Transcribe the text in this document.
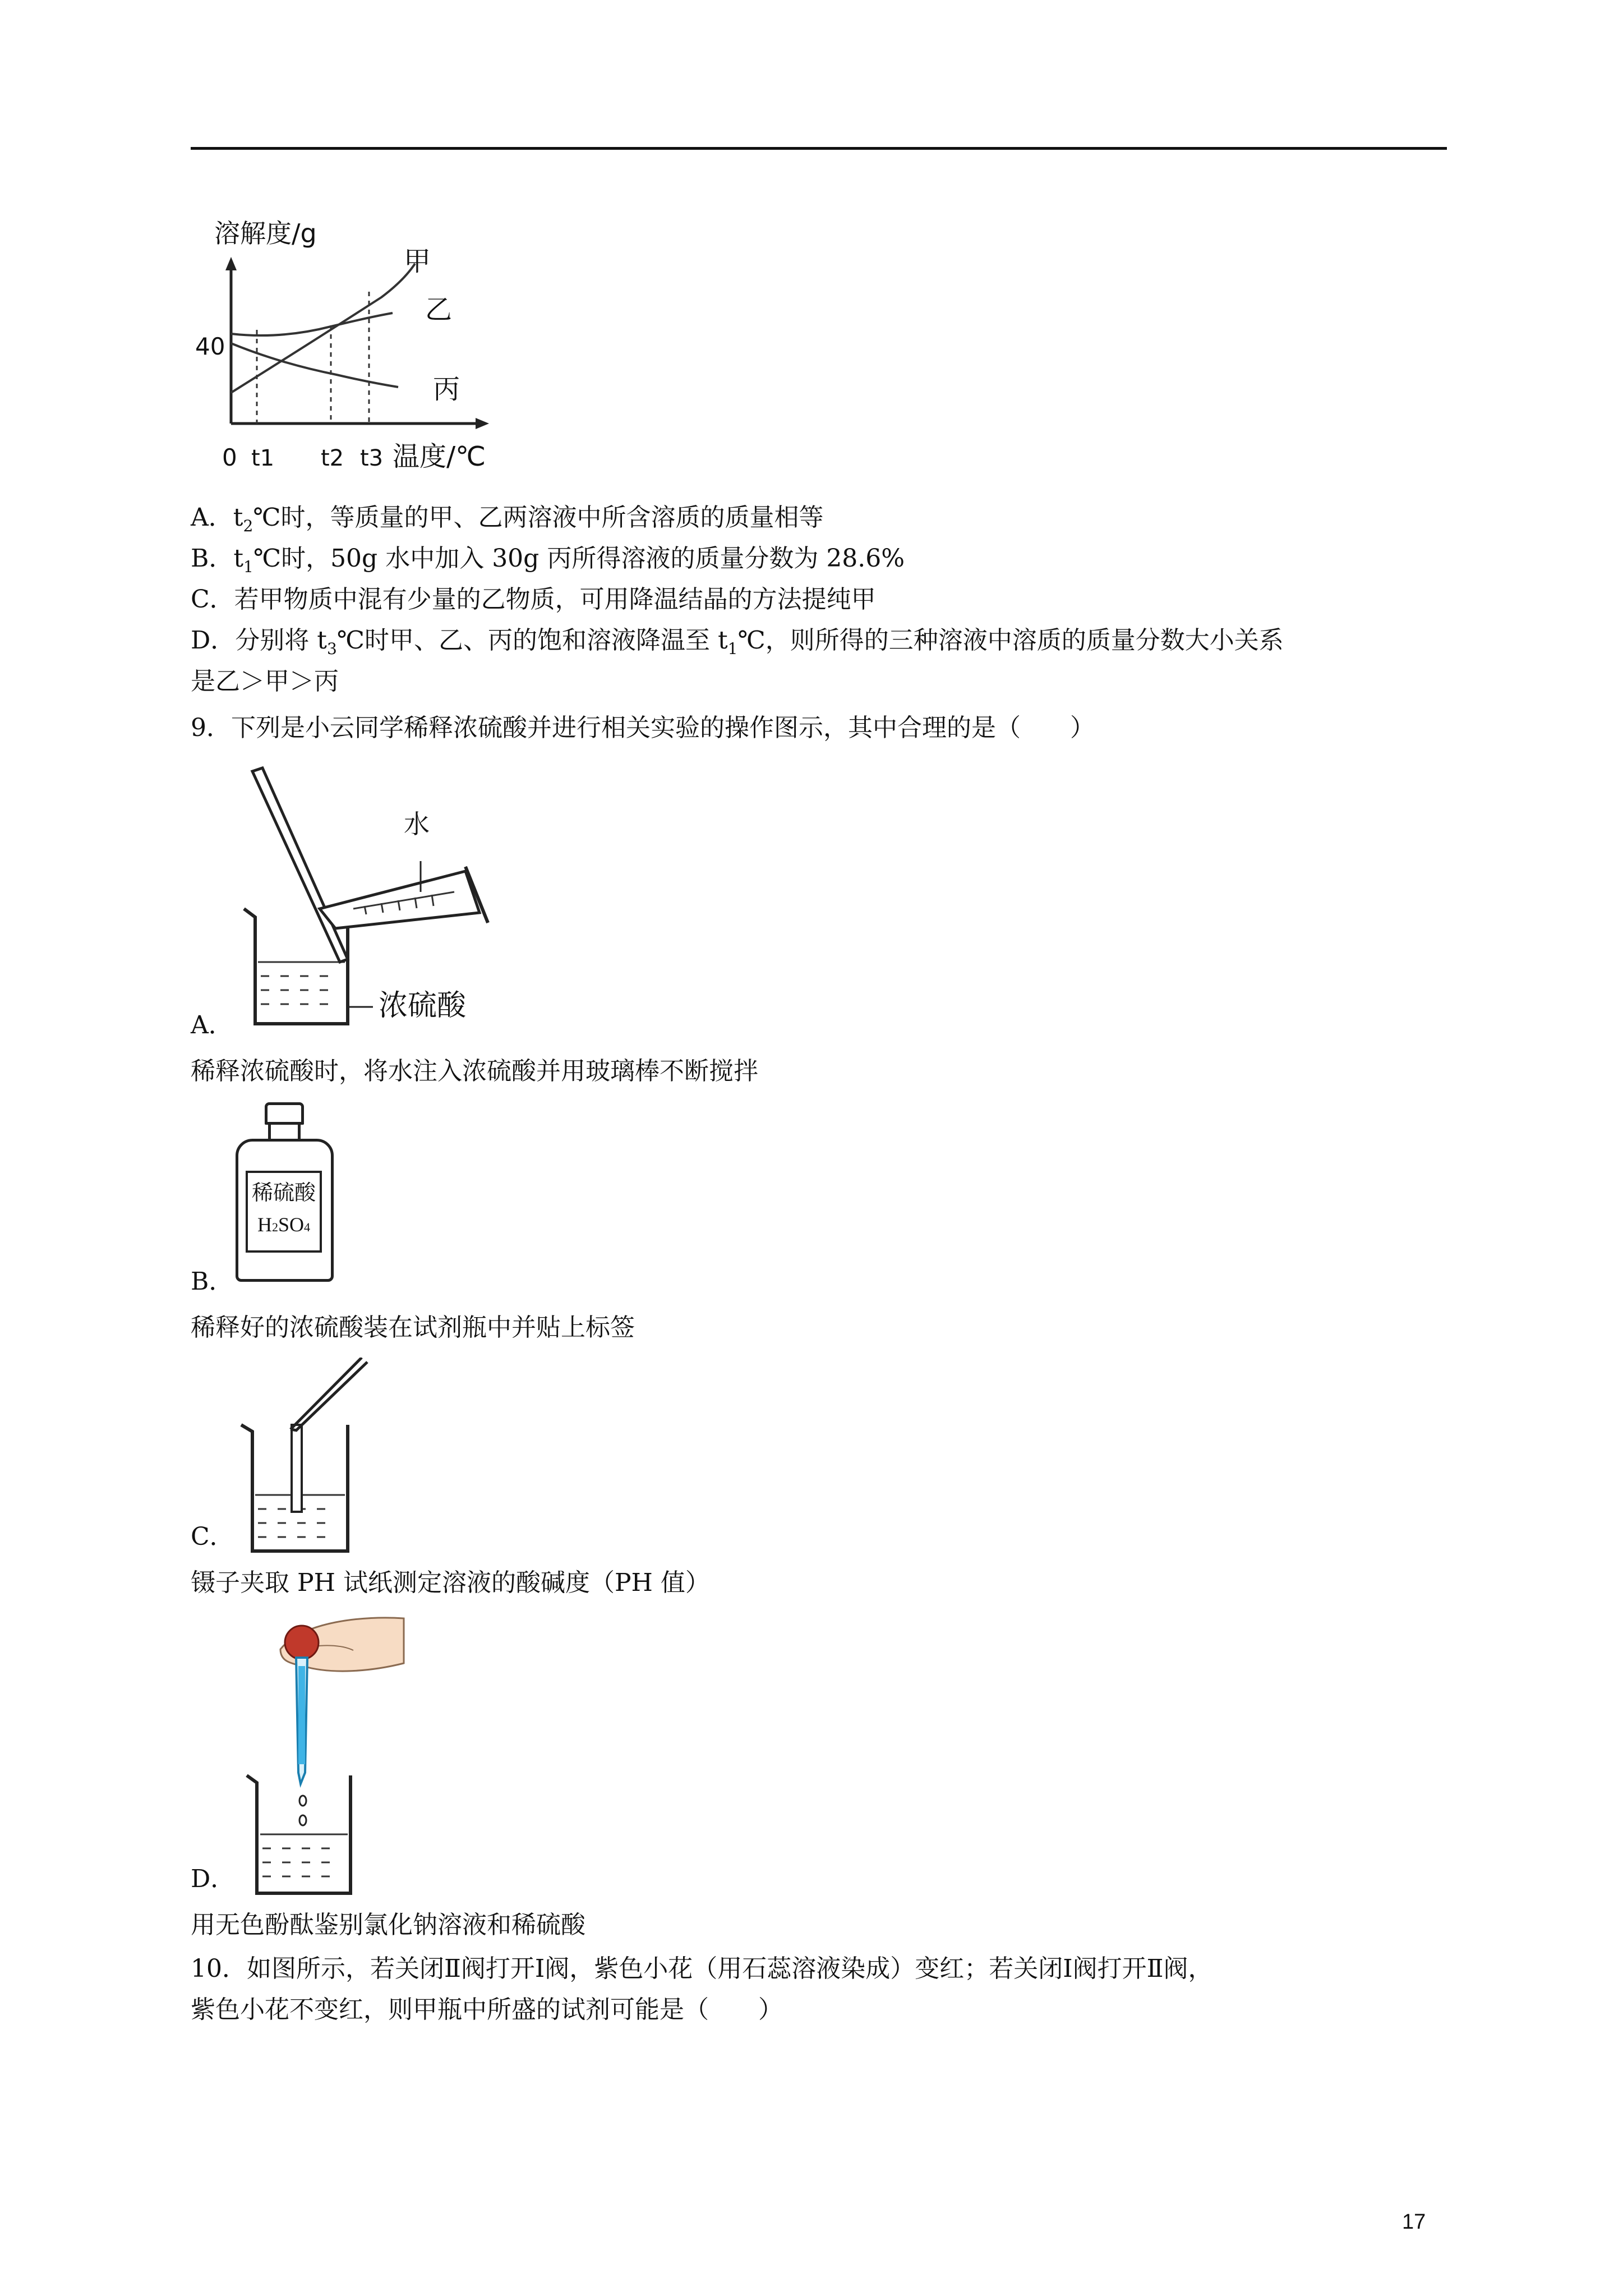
溶解度/g
40
0 t1 t2 t3 温度/℃
甲
乙
丙
A．$t_2℃$时，等质量的甲、乙两溶液中所含溶质的质量相等
B．$t_1℃$时，50g 水中加入 30g 丙所得溶液的质量分数为 28.6%
C．若甲物质中混有少量的乙物质，可用降温结晶的方法提纯甲
D．分别将 $t_3℃$时甲、乙、丙的饱和溶液降温至 $t_1℃$，则所得的三种溶液中溶质的质量分数大小关系
是乙＞甲＞丙
9．下列是小云同学稀释浓硫酸并进行相关实验的操作图示，其中合理的是（　　）
水
浓硫酸
A．
稀释浓硫酸时，将水注入浓硫酸并用玻璃棒不断搅拌
稀硫酸
H2SO4
B．
稀释好的浓硫酸装在试剂瓶中并贴上标签
C．
镊子夹取 PH 试纸测定溶液的酸碱度（PH 值）
D．
用无色酚酞鉴别氯化钠溶液和稀硫酸
10．如图所示，若关闭Ⅱ阀打开Ⅰ阀，紫色小花（用石蕊溶液染成）变红；若关闭Ⅰ阀打开Ⅱ阀，
紫色小花不变红，则甲瓶中所盛的试剂可能是（　　）
17
